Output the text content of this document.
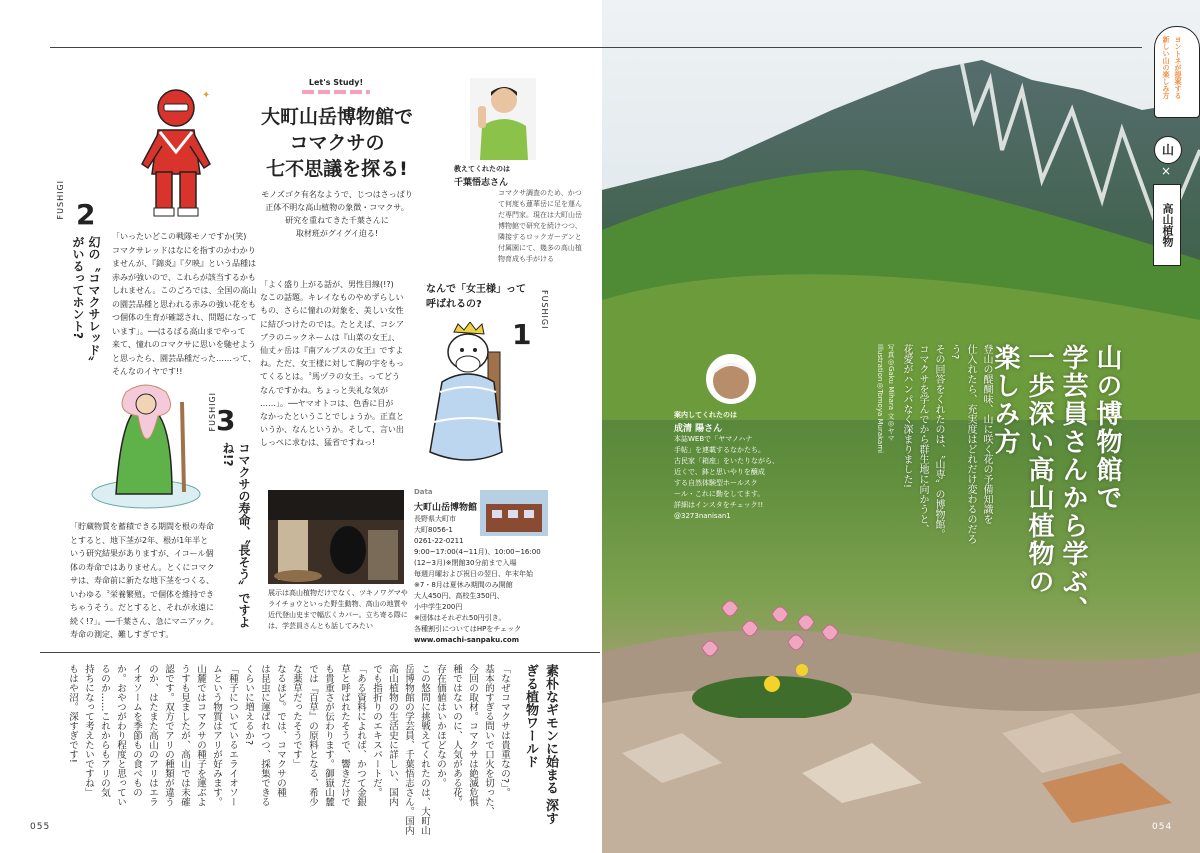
Let's Study!
大町山岳博物館で
コマクサの
七不思議を探る!
モノズゴク有名なようで、じつはさっぱり
正体不明な高山植物の象徴・コマクサ。
研究を重ねてきた千葉さんに
取材班がグイグイ迫る!
✦
教えてくれたのは
千葉悟志さん
コマクサ調査のため、かつ
て何度も蓮華岳に足を運ん
だ専門家。現在は大町山岳
博物館で研究を続けつつ、
隣接するロックガーデンと
付属園にて、幾多の高山植
物育成も手がける
FUSHIGI 2
幻の〝コマクサレッド〟がいるってホント?	「いったいどこの戦隊モノですか(笑)
コマクサレッドはなにを指すのかわかり
ませんが、『錦炎』『夕映』という品種は
赤みが強いので、これらが該当するかも
しれません。このごろでは、全国の高山
の園芸品種と思われる赤みの強い花をも
つ個体の生育が確認され、問題になって
います」。──はるばる高山までやって
来て、憧れのコマクサに思いを馳せよう
と思ったら、園芸品種だった……って、
そんなのイヤです!!
なんで「女王様」って
呼ばれるの?	FUSHIGI
1
「よく盛り上がる話が、男性目線(!?)
なこの話題。キレイなものやめずらしい
もの、さらに憧れの対象を、美しい女性
に結びつけたのでは。たとえば、コシア
ブラのニックネームは『山菜の女王』、
仙丈ヶ岳は『南アルプスの女王』ですよ
ね。ただ、女王様に対して胸の宇をもっ
てくるとは。〝馬ヅラの女王〟ってどう
なんですかね。ちょっと失礼な気が
……」。──ヤマオトコは、色香に目が
なかったということでしょうか。正直と
いうか、なんというか。そして、言い出
しっぺに求むは、猛省ですねっ!
FUSHIGI 3
コマクサの寿命、〝長そう〟ですよね!?
「貯蔵物質を蓄積できる期間を根の寿命
とすると、地下茎が2年、根が1年半と
いう研究結果がありますが、イコール個
体の寿命ではありません。とくにコマク
サは、寿命前に新たな地下茎をつくる、
いわゆる〝栄養繁殖〟で個体を維持でき
ちゃうそう。だとすると、それが永遠に
続く!?」。──千葉さん、急にマニアック。
寿命の測定、難しすぎです。
展示は高山植物だけでなく、ツキノワグマや
ライチョウといった野生動物、高山の地質や
近代登山史まで幅広くカバー。立ち寄る際に
は、学芸員さんとも話してみたい
Data
大町山岳博物館
長野県大町市
大町8056-1
0261-22-0211
9:00~17:00(4~11月)、10:00~16:00
(12~3月)※閉館30分前まで入場
毎週月曜および祝日の翌日、年末年始
※7・8月は夏休み期間のみ開館
大人450円、高校生350円、
小中学生200円
※団体はそれぞれ50円引き。
各種割引についてはHPをチェック
www.omachi-sanpaku.com
素朴なギモンに始まる 深すぎる植物ワールド
「なぜコマクサは貴重なの?」。
基本的すぎる問いで口火を切った、
今回の取材。コマクサは絶滅危惧
種ではないのに、人気がある花。
存在価値はいかほどなのか。
この悠問に挑戦えてくれたのは、大町山
岳博物館の学芸員、千葉悟志さん。国内
高山植物の生活史に詳しい、国内
でも指折りのエキスパートだ。
「ある資料によれば、かつて金銀
草と呼ばれたそうで、響きだけで
も貴重さが伝わります。御嶽山麓
では『百草』の原料となる、希少
な薬草だったそうです」
なるほど。では、コマクサの種
は昆虫に運ばれつつ、採集できる
くらいに増えるか?
「種子についているエライオソー
ムという物質はアリが好みます。
山麓ではコマクサの種子を運ぶよ
うすも見ましたが、高山では未確
認です。双方でアリの種類が違う
のか、はたまた高山のアリはエラ
イオソームを季節もの食べもの
か。おやつがわり程度と思ってい
るのか……これからもアリの気
持ちになって考えたいですね」
もはや沼。深すぎです!
055
ヨントネが提案する
新しい山の楽しみ方
山
×
高山植物
山の博物館で
学芸員さんから学ぶ、
一歩深い高山植物の
楽しみ方
登山の醍醐味、山に咲く花の予備知識を
仕入れたら、充実度はどれだけ変わるのだろう?
その回答をくれたのは、〝山専〟の博物館。
コマクサを学んでから群生地に向かうと、
花愛がハンパなく深まりました!
写真◎Gaku Mihara 文◎ヤマ
Illustration◎Tomoya Murakami
案内してくれたのは
成清 陽さん
本誌WEBで「ヤマノハナ
手帖」を連載するなかたち。
古民家「箱座」をいたりながら、
近くで、鉢と思いやりを醸成
する自然体験型ホールスク
ール・これに勤をしてます。
詳細はインスタをチェック!!
@3273nanisan1
054
